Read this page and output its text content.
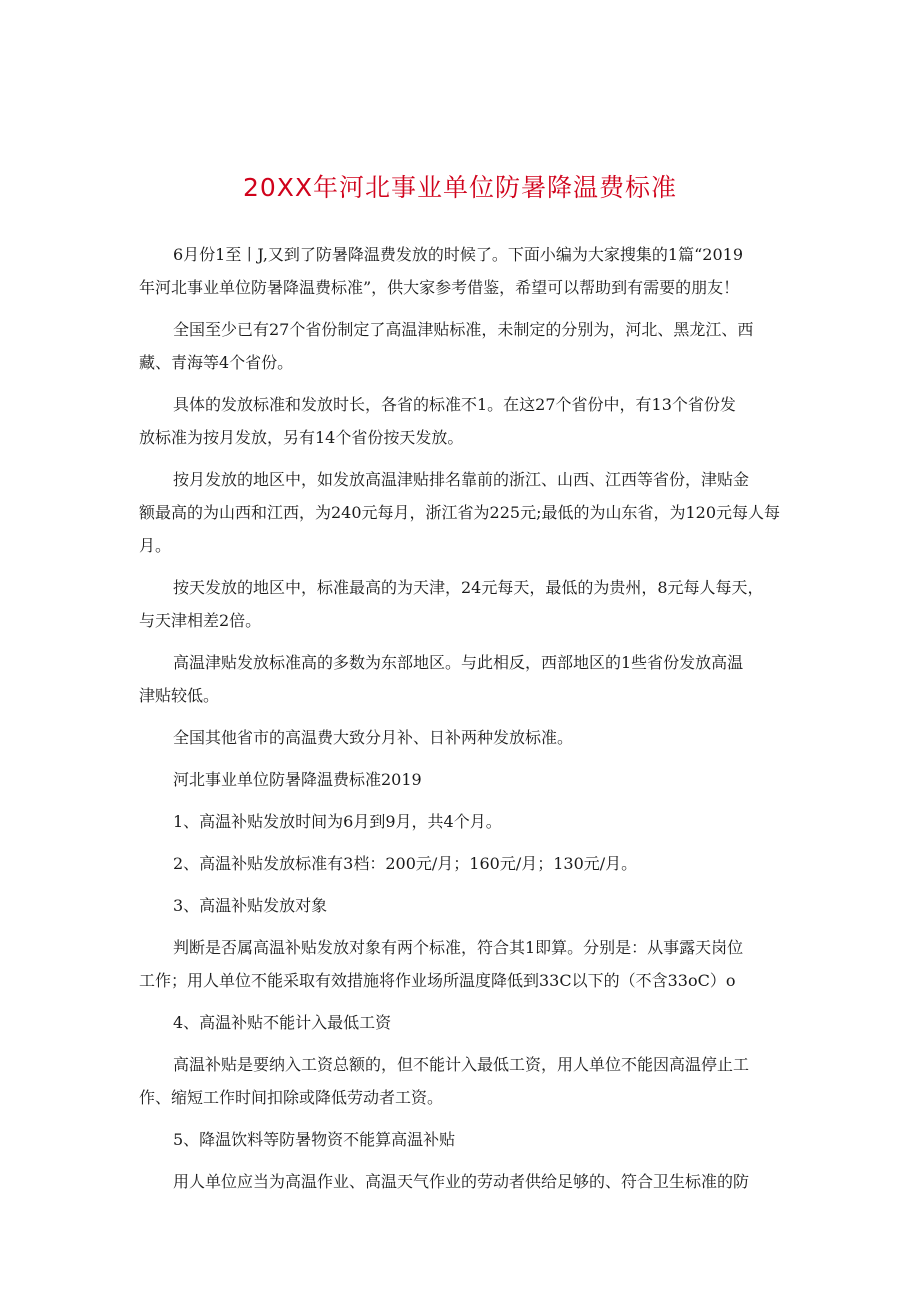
20XX年河北事业单位防暑降温费标准

6月份1至丨J,又到了防暑降温费发放的时候了。下面小编为大家搜集的1篇“2019
年河北事业单位防暑降温费标准”，供大家参考借鉴，希望可以帮助到有需要的朋友！

全国至少已有27个省份制定了高温津贴标准，未制定的分别为，河北、黑龙江、西
藏、青海等4个省份。

具体的发放标准和发放时长，各省的标准不1。在这27个省份中，有13个省份发
放标准为按月发放，另有14个省份按天发放。

按月发放的地区中，如发放高温津贴排名靠前的浙江、山西、江西等省份，津贴金
额最高的为山西和江西，为240元每月，浙江省为225元;最低的为山东省，为120元每人每月。

按天发放的地区中，标准最高的为天津，24元每天，最低的为贵州，8元每人每天，
与天津相差2倍。

高温津贴发放标准高的多数为东部地区。与此相反，西部地区的1些省份发放高温
津贴较低。

全国其他省市的高温费大致分月补、日补两种发放标准。

河北事业单位防暑降温费标准2019

1、高温补贴发放时间为6月到9月，共4个月。

2、高温补贴发放标准有3档：200元/月；160元/月；130元/月。

3、高温补贴发放对象

判断是否属高温补贴发放对象有两个标准，符合其1即算。分别是：从事露天岗位
工作；用人单位不能采取有效措施将作业场所温度降低到33C以下的（不含33oC）o

4、高温补贴不能计入最低工资

高温补贴是要纳入工资总额的，但不能计入最低工资，用人单位不能因高温停止工
作、缩短工作时间扣除或降低劳动者工资。

5、降温饮料等防暑物资不能算高温补贴

用人单位应当为高温作业、高温天气作业的劳动者供给足够的、符合卫生标准的防
